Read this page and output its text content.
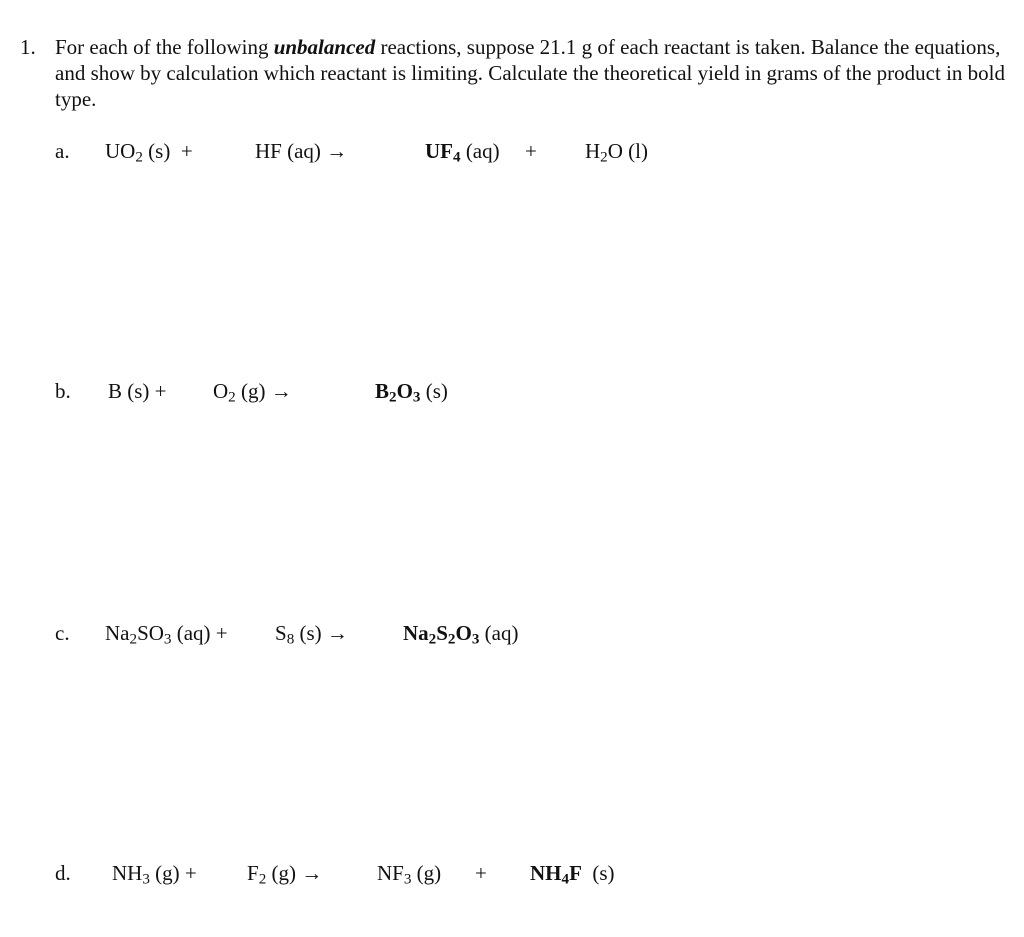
1. For each of the following unbalanced reactions, suppose 21.1 g of each reactant is taken. Balance the equations, and show by calculation which reactant is limiting. Calculate the theoretical yield in grams of the product in bold type.
a. $UO_2$ (s)  +	HF (aq) →	$UF_4$ $(aq) + H_2O$ (l)
b. B $(s) + O_2$ (g) →	$B_2O_3$ (s)
c. $Na_2SO_3$ $(aq) + S_8$ (s) →	$Na_2S_2O_3$ (aq)
d. $NH_3$ $(g) + F_2$ (g) →	$NF_3$ $(g) + NH_4F$  (s)
